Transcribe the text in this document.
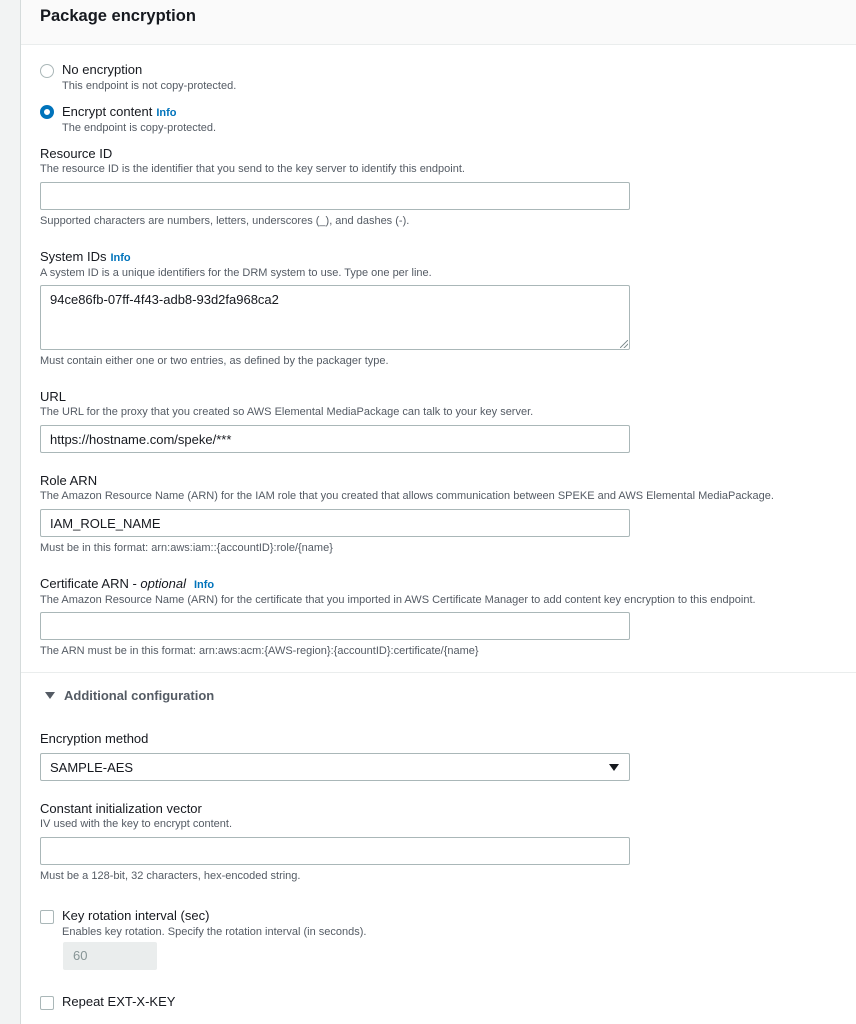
Package encryption
No encryption
This endpoint is not copy-protected.
Encrypt content Info
The endpoint is copy-protected.
Resource ID
The resource ID is the identifier that you send to the key server to identify this endpoint.
Supported characters are numbers, letters, underscores (_), and dashes (-).
System IDs Info
A system ID is a unique identifiers for the DRM system to use. Type one per line.
94ce86fb-07ff-4f43-adb8-93d2fa968ca2
Must contain either one or two entries, as defined by the packager type.
URL
The URL for the proxy that you created so AWS Elemental MediaPackage can talk to your key server.
https://hostname.com/speke/***
Role ARN
The Amazon Resource Name (ARN) for the IAM role that you created that allows communication between SPEKE and AWS Elemental MediaPackage.
IAM_ROLE_NAME
Must be in this format: arn:aws:iam::{accountID}:role/{name}
Certificate ARN - optional Info
The Amazon Resource Name (ARN) for the certificate that you imported in AWS Certificate Manager to add content key encryption to this endpoint.
The ARN must be in this format: arn:aws:acm:{AWS-region}:{accountID}:certificate/{name}
Additional configuration
Encryption method
SAMPLE-AES
Constant initialization vector
IV used with the key to encrypt content.
Must be a 128-bit, 32 characters, hex-encoded string.
Key rotation interval (sec)
Enables key rotation. Specify the rotation interval (in seconds).
60
Repeat EXT-X-KEY
